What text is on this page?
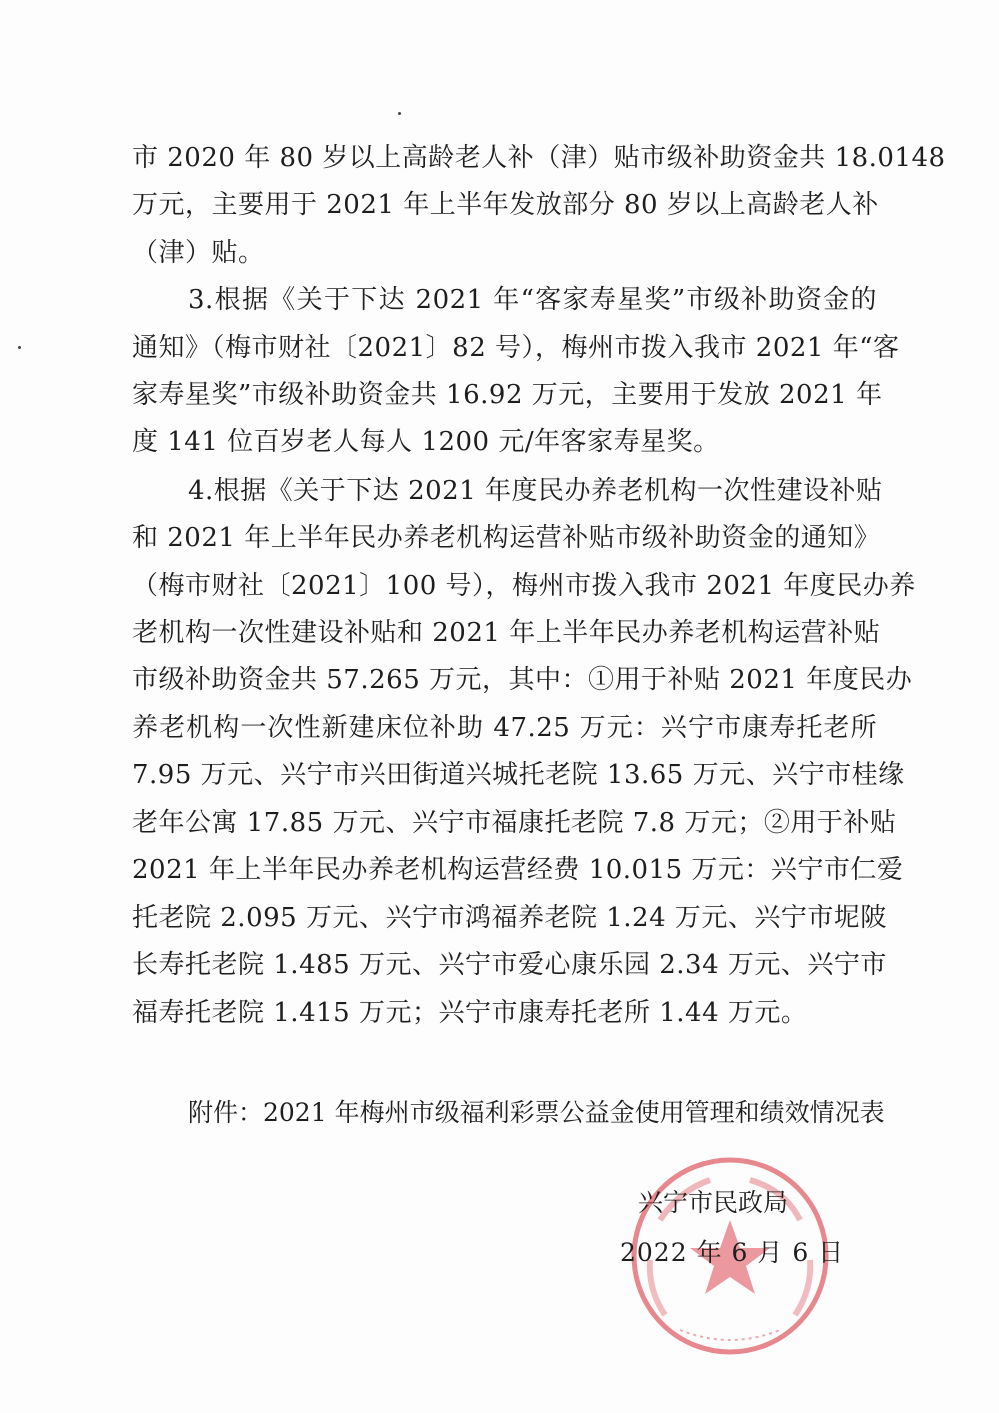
市 2020 年 80 岁以上高龄老人补（津）贴市级补助资金共 18.0148
万元，主要用于 2021 年上半年发放部分 80 岁以上高龄老人补
（津）贴。
3.根据《关于下达 2021 年“客家寿星奖”市级补助资金的
通知》（梅市财社〔2021〕82 号），梅州市拨入我市 2021 年“客
家寿星奖”市级补助资金共 16.92 万元，主要用于发放 2021 年
度 141 位百岁老人每人 1200 元/年客家寿星奖。
4.根据《关于下达 2021 年度民办养老机构一次性建设补贴
和 2021 年上半年民办养老机构运营补贴市级补助资金的通知》
（梅市财社〔2021〕100 号），梅州市拨入我市 2021 年度民办养
老机构一次性建设补贴和 2021 年上半年民办养老机构运营补贴
市级补助资金共 57.265 万元，其中：①用于补贴 2021 年度民办
养老机构一次性新建床位补助 47.25 万元：兴宁市康寿托老所
7.95 万元、兴宁市兴田街道兴城托老院 13.65 万元、兴宁市桂缘
老年公寓 17.85 万元、兴宁市福康托老院 7.8 万元；②用于补贴
2021 年上半年民办养老机构运营经费 10.015 万元：兴宁市仁爱
托老院 2.095 万元、兴宁市鸿福养老院 1.24 万元、兴宁市坭陂
长寿托老院 1.485 万元、兴宁市爱心康乐园 2.34 万元、兴宁市
福寿托老院 1.415 万元；兴宁市康寿托老所 1.44 万元。
附件：2021 年梅州市级福利彩票公益金使用管理和绩效情况表
兴宁市民政局
2022 年 6 月 6 日
